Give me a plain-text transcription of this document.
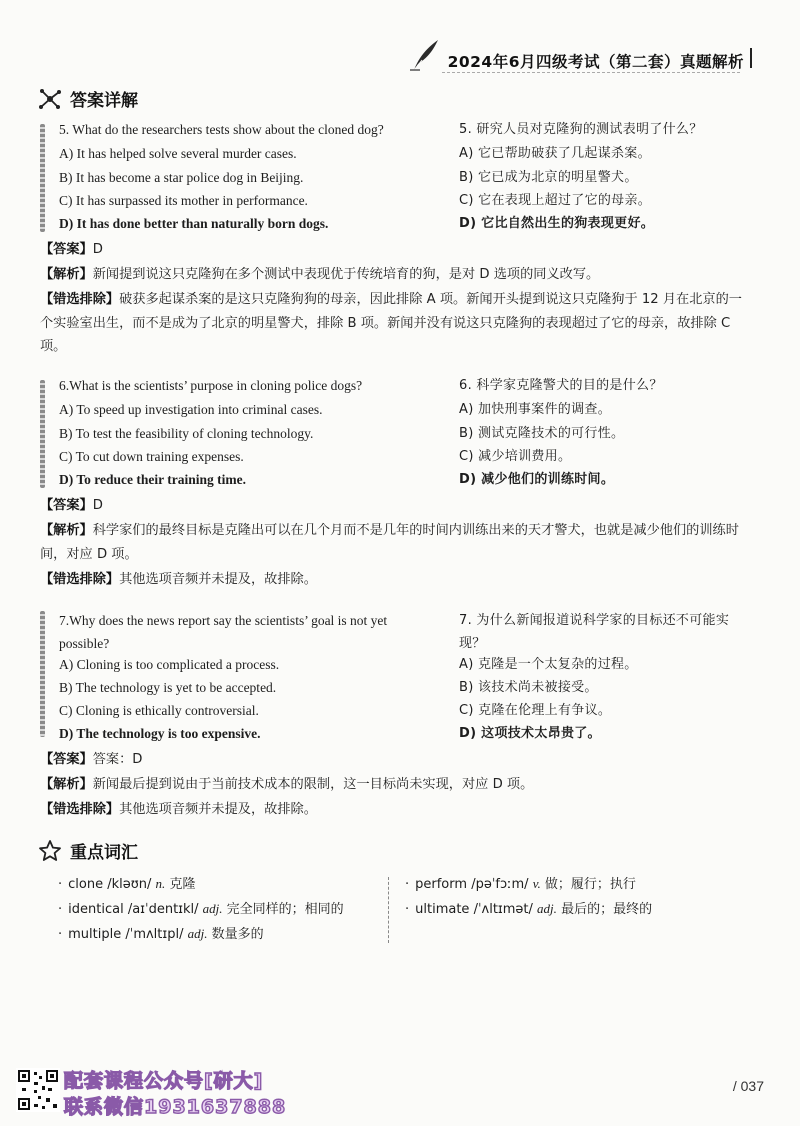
2024年6月四级考试（第二套）真题解析
答案详解
5. What do the researchers tests show about the cloned dog?
A) It has helped solve several murder cases.
B) It has become a star police dog in Beijing.
C) It has surpassed its mother in performance.
D) It has done better than naturally born dogs.
5. 研究人员对克隆狗的测试表明了什么？
A) 它已帮助破获了几起谋杀案。
B) 它已成为北京的明星警犬。
C) 它在表现上超过了它的母亲。
D) 它比自然出生的狗表现更好。
【答案】D
【解析】新闻提到说这只克隆狗在多个测试中表现优于传统培育的狗，是对 D 选项的同义改写。
【错选排除】破获多起谋杀案的是这只克隆狗狗的母亲，因此排除 A 项。新闻开头提到说这只克隆狗于 12 月在北京的一个实验室出生，而不是成为了北京的明星警犬，排除 B 项。新闻并没有说这只克隆狗的表现超过了它的母亲，故排除 C 项。
6.What is the scientists’ purpose in cloning police dogs?
A) To speed up investigation into criminal cases.
B) To test the feasibility of cloning technology.
C) To cut down training expenses.
D) To reduce their training time.
6. 科学家克隆警犬的目的是什么？
A) 加快刑事案件的调查。
B) 测试克隆技术的可行性。
C) 减少培训费用。
D) 减少他们的训练时间。
【答案】D
【解析】科学家们的最终目标是克隆出可以在几个月而不是几年的时间内训练出来的天才警犬，也就是减少他们的训练时间，对应 D 项。
【错选排除】其他选项音频并未提及，故排除。
7.Why does the news report say the scientists’ goal is not yet possible?
A) Cloning is too complicated a process.
B) The technology is yet to be accepted.
C) Cloning is ethically controversial.
D) The technology is too expensive.
7. 为什么新闻报道说科学家的目标还不可能实现？
A) 克隆是一个太复杂的过程。
B) 该技术尚未被接受。
C) 克隆在伦理上有争议。
D) 这项技术太昂贵了。
【答案】答案：D
【解析】新闻最后提到说由于当前技术成本的限制，这一目标尚未实现，对应 D 项。
【错选排除】其他选项音频并未提及，故排除。
重点词汇
· clone /kləʊn/ n. 克隆
· identical /aɪˈdentɪkl/ adj. 完全同样的；相同的
· multiple /ˈmʌltɪpl/ adj. 数量多的
· perform /pəˈfɔːm/ v. 做；履行；执行
· ultimate /ˈʌltɪmət/ adj. 最后的；最终的
配套课程公众号[研大]
联系微信1931637888
/ 037
